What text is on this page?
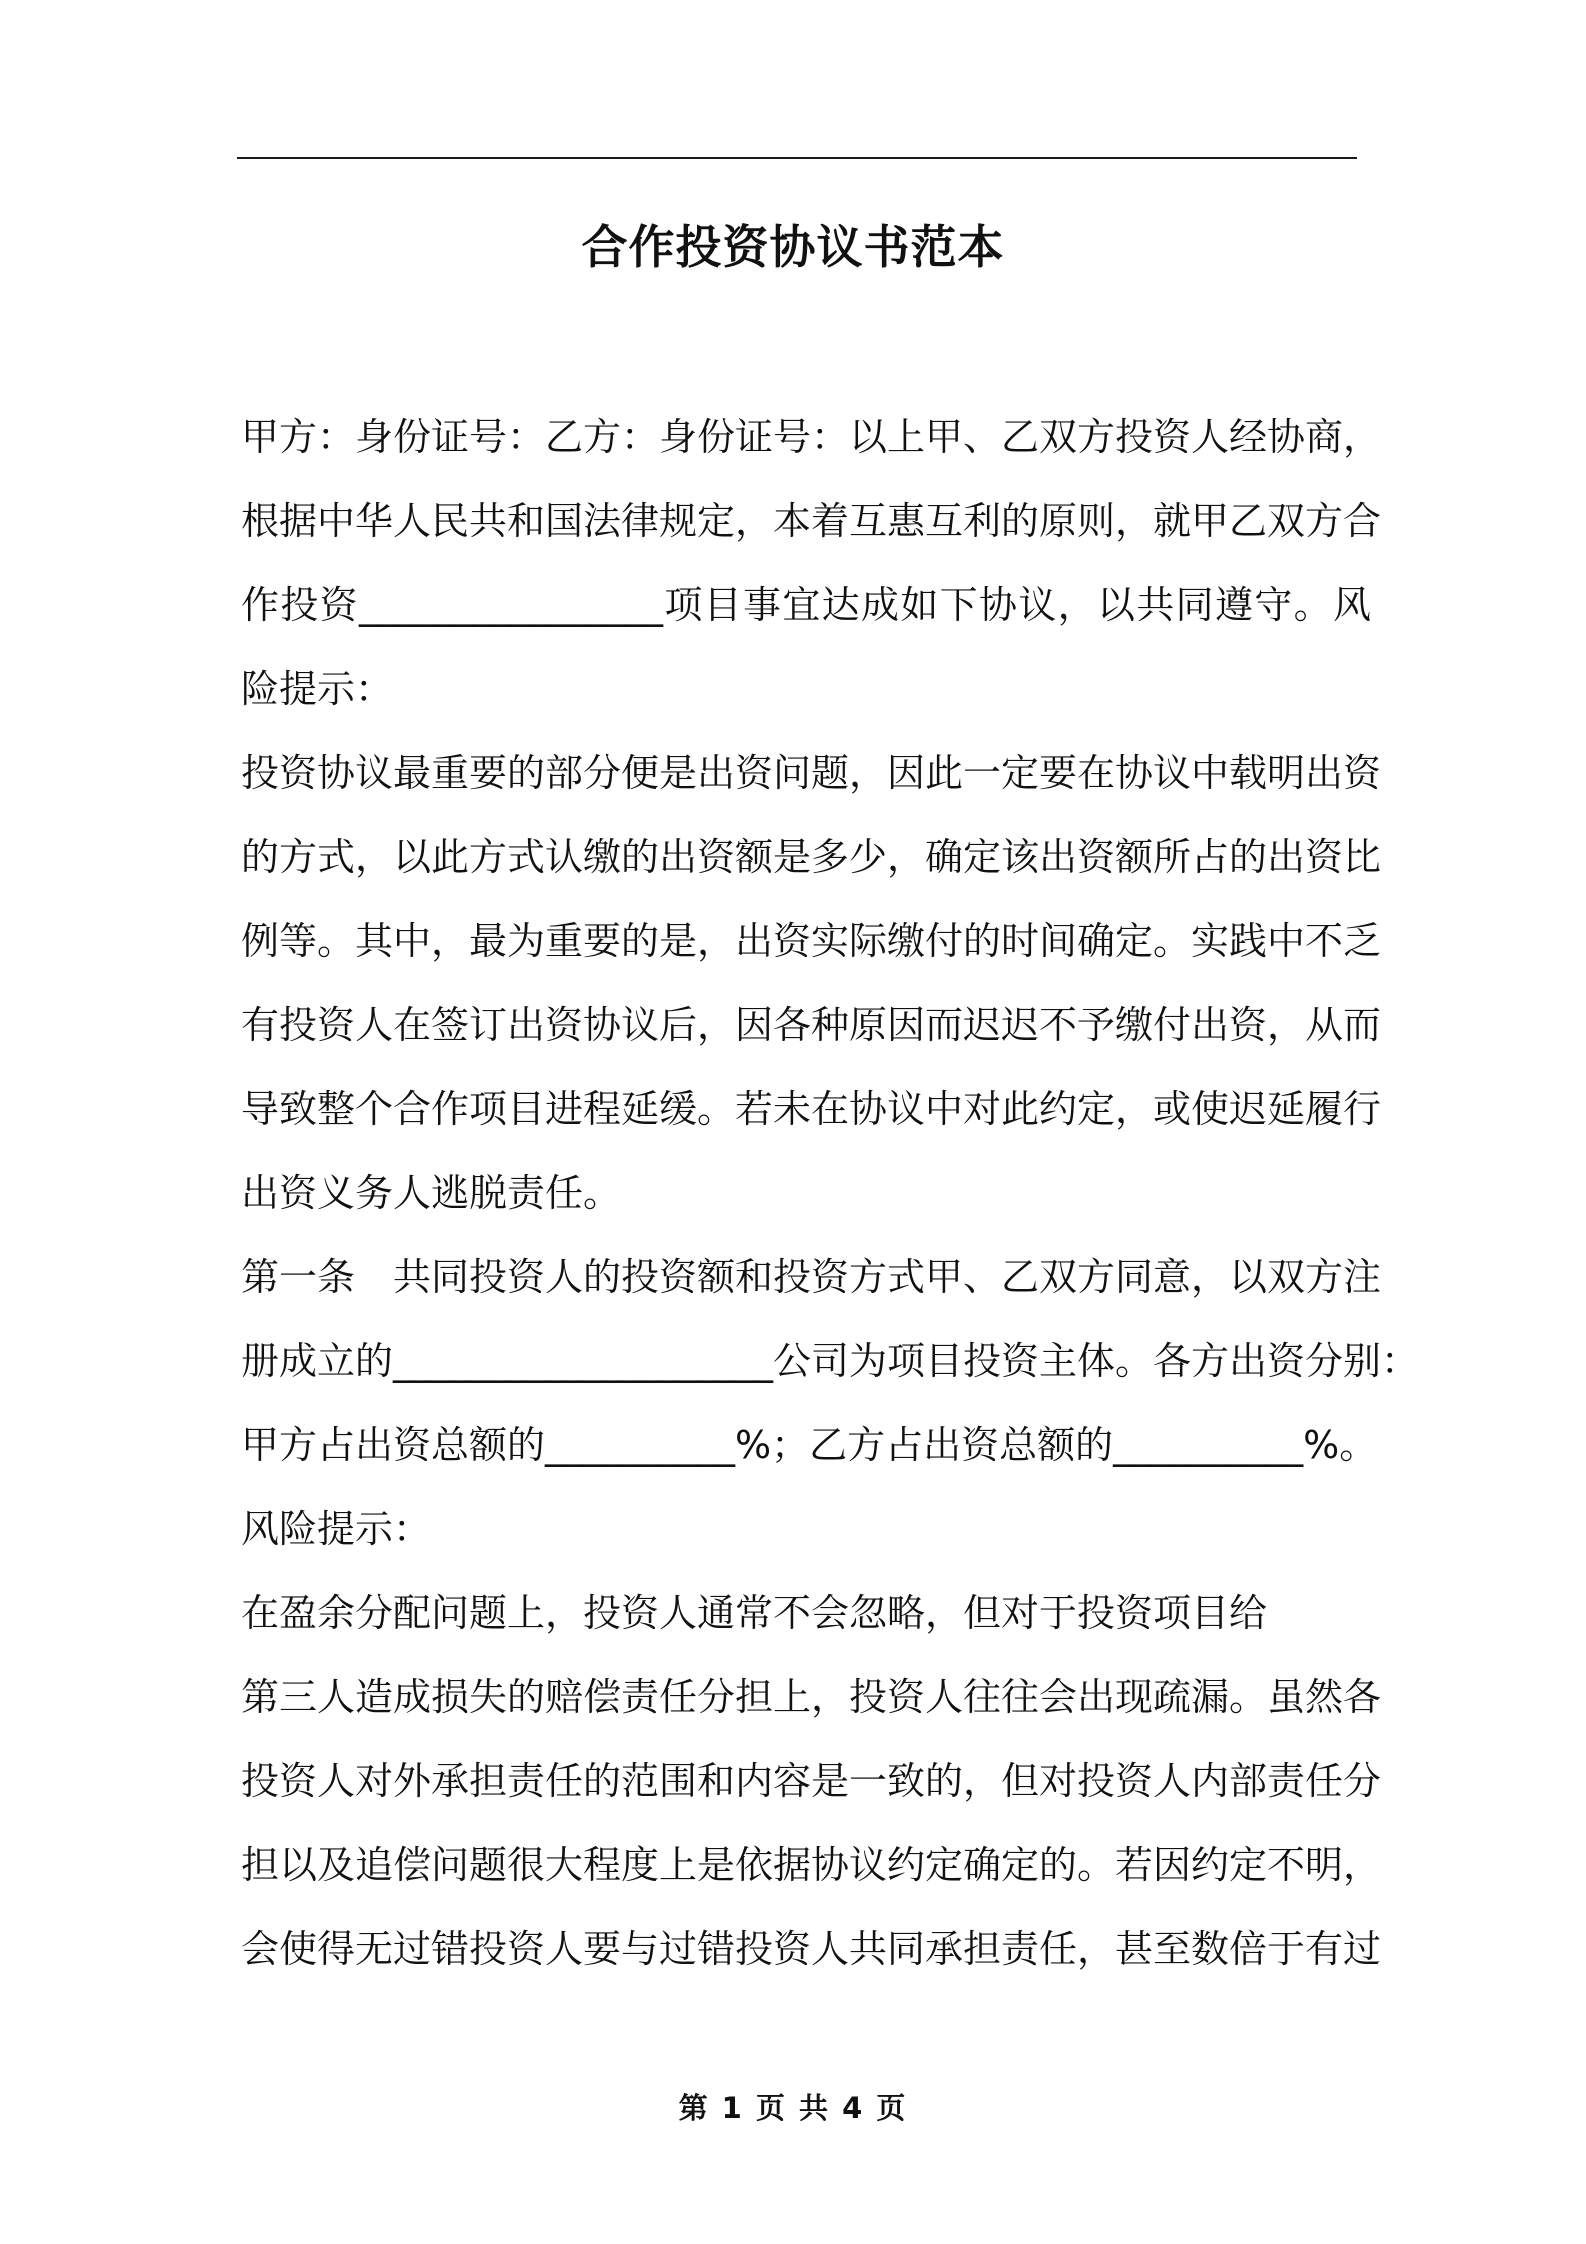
合作投资协议书范本
甲方：身份证号：乙方：身份证号：以上甲、乙双方投资人经协商，
根据中华人民共和国法律规定，本着互惠互利的原则，就甲乙双方合
作投资________________项目事宜达成如下协议，以共同遵守。风
险提示：
投资协议最重要的部分便是出资问题，因此一定要在协议中载明出资
的方式，以此方式认缴的出资额是多少，确定该出资额所占的出资比
例等。其中，最为重要的是，出资实际缴付的时间确定。实践中不乏
有投资人在签订出资协议后，因各种原因而迟迟不予缴付出资，从而
导致整个合作项目进程延缓。若未在协议中对此约定，或使迟延履行
出资义务人逃脱责任。
第一条　共同投资人的投资额和投资方式甲、乙双方同意，以双方注
册成立的____________________公司为项目投资主体。各方出资分别：
甲方占出资总额的__________%；乙方占出资总额的__________%。
风险提示：
在盈余分配问题上，投资人通常不会忽略，但对于投资项目给
第三人造成损失的赔偿责任分担上，投资人往往会出现疏漏。虽然各
投资人对外承担责任的范围和内容是一致的，但对投资人内部责任分
担以及追偿问题很大程度上是依据协议约定确定的。若因约定不明，
会使得无过错投资人要与过错投资人共同承担责任，甚至数倍于有过
第 1 页 共 4 页
